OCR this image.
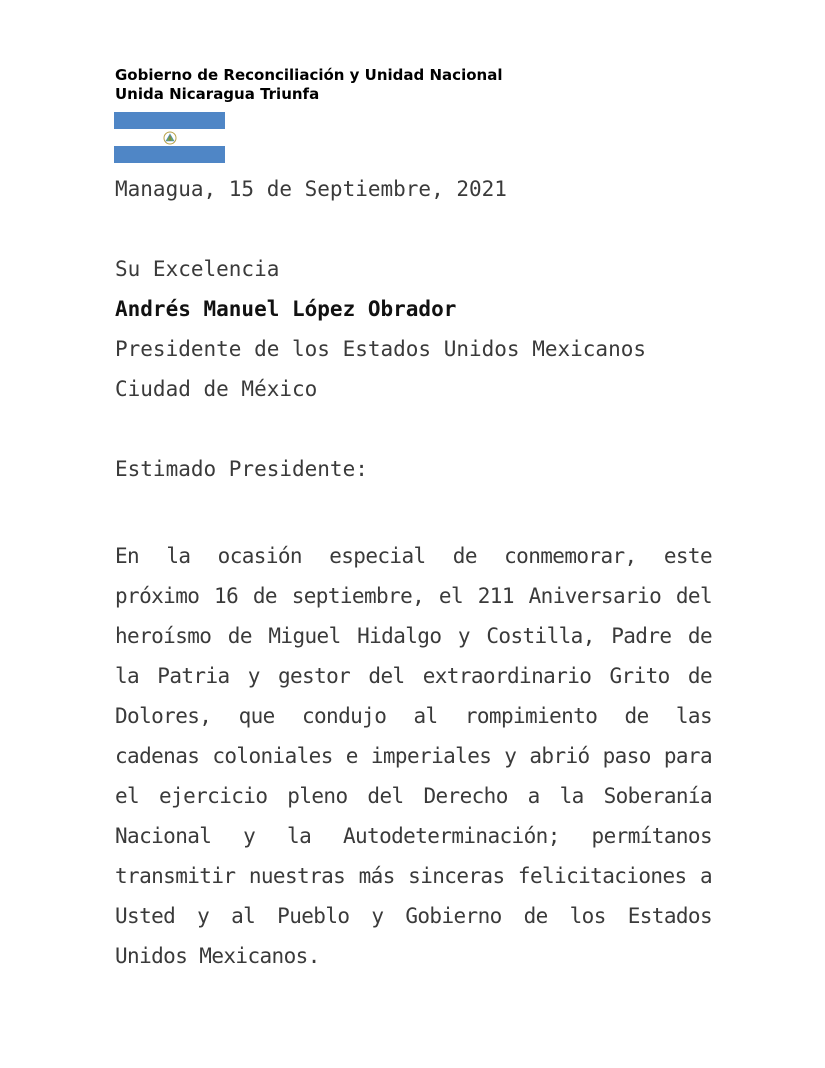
Gobierno de Reconciliación y Unidad Nacional
Unida Nicaragua Triunfa
Managua, 15 de Septiembre, 2021
Su Excelencia
Andrés Manuel López Obrador
Presidente de los Estados Unidos Mexicanos
Ciudad de México
Estimado Presidente:
En la ocasión especial de conmemorar, este próximo 16 de septiembre, el 211 Aniversario del heroísmo de Miguel Hidalgo y Costilla, Padre de la Patria y gestor del extraordinario Grito de Dolores, que condujo al rompimiento de las cadenas coloniales e imperiales y abrió paso para el ejercicio pleno del Derecho a la Soberanía Nacional y la Autodeterminación; permítanos transmitir nuestras más sinceras felicitaciones a Usted y al Pueblo y Gobierno de los Estados Unidos Mexicanos.
